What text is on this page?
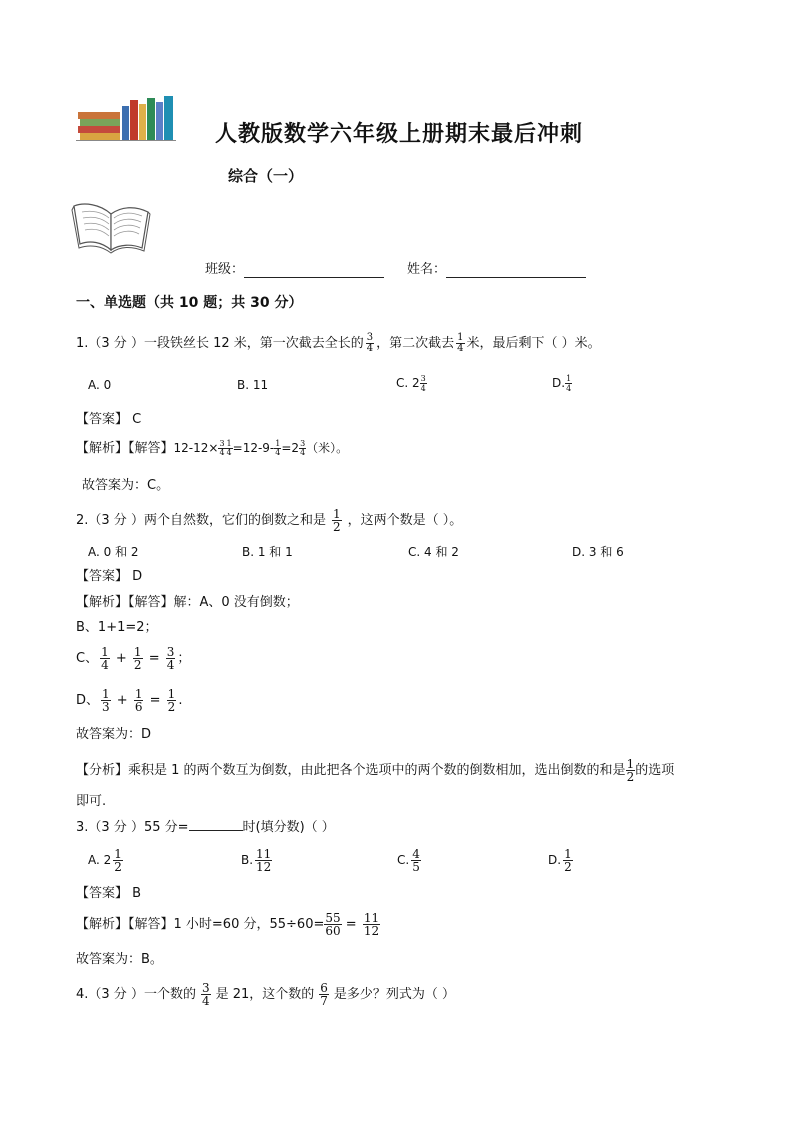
人教版数学六年级上册期末最后冲刺
综合（一）
班级：	姓名：
一、单选题（共 10 题；共 30 分）
1.（3 分 ）一段铁丝长 12 米，第一次截去全长的 $\frac{3}{4}$ ，第二次截去 $\frac{1}{4}$ 米，最后剩下（ ）米。
A. 0	B. 11	C. $2 \frac{3}{4}$	D. $\frac{1}{4}$
【答案】 C
【解析】【解答】$12-12\times \frac{3}{4} \frac{1}{4} =12-9- \frac{1}{4} =2 \frac{3}{4}$ （米）。
故答案为：C。
2.（3 分 ）两个自然数，它们的倒数之和是 $\frac{1}{2}$ ，这两个数是（ ）。
A. 0 和 2	B. 1 和 1	C. 4 和 2	D. 3 和 6
【答案】 D
【解析】【解答】解：A、0 没有倒数；
B、1+1=2；
C、 $\frac{1}{4} + \frac{1}{2} = \frac{3}{4}$ ；
D、 $\frac{1}{3} + \frac{1}{6} = \frac{1}{2}$ .
故答案为：D
【分析】乘积是 1 的两个数互为倒数，由此把各个选项中的两个数的倒数相加，选出倒数的和是 $\frac{1}{2}$ 的选项
即可.
3.（3 分 ）55 分=	时(填分数)（ ）
A. $2 \frac{1}{2}$	B. $\frac{11}{12}$	C. $\frac{4}{5}$	D. $\frac{1}{2}$
【答案】 B
【解析】【解答】1 小时=60 分，$55\div 60= \frac{55}{60} = \frac{11}{12}$
故答案为：B。
4.（3 分 ）一个数的 $\frac{3}{4}$ 是 21，这个数的 $\frac{6}{7}$ 是多少？列式为（ ）
